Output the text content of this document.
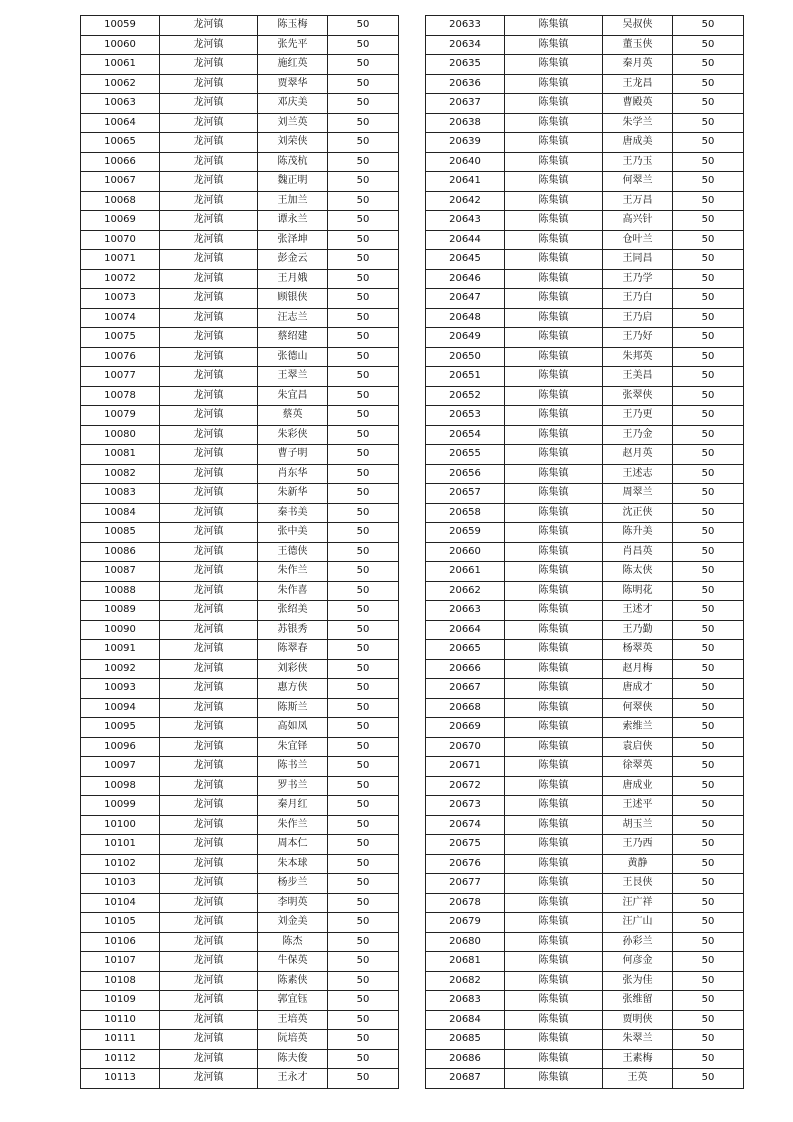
10059	龙河镇	陈玉梅	50
10060	龙河镇	张先平	50
10061	龙河镇	施红英	50
10062	龙河镇	贾翠华	50
10063	龙河镇	邓庆美	50
10064	龙河镇	刘兰英	50
10065	龙河镇	刘荣侠	50
10066	龙河镇	陈茂杭	50
10067	龙河镇	魏正明	50
10068	龙河镇	王加兰	50
10069	龙河镇	谭永兰	50
10070	龙河镇	张泽坤	50
10071	龙河镇	彭金云	50
10072	龙河镇	王月娥	50
10073	龙河镇	顾银侠	50
10074	龙河镇	汪志兰	50
10075	龙河镇	蔡绍建	50
10076	龙河镇	张德山	50
10077	龙河镇	王翠兰	50
10078	龙河镇	朱宜昌	50
10079	龙河镇	蔡英	50
10080	龙河镇	朱彩侠	50
10081	龙河镇	曹子明	50
10082	龙河镇	肖东华	50
10083	龙河镇	朱新华	50
10084	龙河镇	秦书美	50
10085	龙河镇	张中美	50
10086	龙河镇	王德侠	50
10087	龙河镇	朱作兰	50
10088	龙河镇	朱作喜	50
10089	龙河镇	张绍美	50
10090	龙河镇	苏银秀	50
10091	龙河镇	陈翠春	50
10092	龙河镇	刘彩侠	50
10093	龙河镇	惠方侠	50
10094	龙河镇	陈斯兰	50
10095	龙河镇	高如凤	50
10096	龙河镇	朱宜铎	50
10097	龙河镇	陈书兰	50
10098	龙河镇	罗书兰	50
10099	龙河镇	秦月红	50
10100	龙河镇	朱作兰	50
10101	龙河镇	周本仁	50
10102	龙河镇	朱本球	50
10103	龙河镇	杨步兰	50
10104	龙河镇	李明英	50
10105	龙河镇	刘金美	50
10106	龙河镇	陈杰	50
10107	龙河镇	牛保英	50
10108	龙河镇	陈素侠	50
10109	龙河镇	郭宜钰	50
10110	龙河镇	王培英	50
10111	龙河镇	阮培英	50
10112	龙河镇	陈夫俊	50
10113	龙河镇	王永才	50
20633	陈集镇	吴叔侠	50
20634	陈集镇	董玉侠	50
20635	陈集镇	秦月英	50
20636	陈集镇	王龙昌	50
20637	陈集镇	曹殿英	50
20638	陈集镇	朱学兰	50
20639	陈集镇	唐成美	50
20640	陈集镇	王乃玉	50
20641	陈集镇	何翠兰	50
20642	陈集镇	王万昌	50
20643	陈集镇	高兴针	50
20644	陈集镇	仓叶兰	50
20645	陈集镇	王同昌	50
20646	陈集镇	王乃学	50
20647	陈集镇	王乃白	50
20648	陈集镇	王乃启	50
20649	陈集镇	王乃好	50
20650	陈集镇	朱邦英	50
20651	陈集镇	王美昌	50
20652	陈集镇	张翠侠	50
20653	陈集镇	王乃更	50
20654	陈集镇	王乃金	50
20655	陈集镇	赵月英	50
20656	陈集镇	王述志	50
20657	陈集镇	周翠兰	50
20658	陈集镇	沈正侠	50
20659	陈集镇	陈升美	50
20660	陈集镇	肖昌英	50
20661	陈集镇	陈太侠	50
20662	陈集镇	陈明花	50
20663	陈集镇	王述才	50
20664	陈集镇	王乃勤	50
20665	陈集镇	杨翠英	50
20666	陈集镇	赵月梅	50
20667	陈集镇	唐成才	50
20668	陈集镇	何翠侠	50
20669	陈集镇	索维兰	50
20670	陈集镇	袁启侠	50
20671	陈集镇	徐翠英	50
20672	陈集镇	唐成业	50
20673	陈集镇	王述平	50
20674	陈集镇	胡玉兰	50
20675	陈集镇	王乃西	50
20676	陈集镇	黄静	50
20677	陈集镇	王艮侠	50
20678	陈集镇	汪广祥	50
20679	陈集镇	汪广山	50
20680	陈集镇	孙彩兰	50
20681	陈集镇	何彦金	50
20682	陈集镇	张为佳	50
20683	陈集镇	张维留	50
20684	陈集镇	贾明侠	50
20685	陈集镇	朱翠兰	50
20686	陈集镇	王素梅	50
20687	陈集镇	王英	50
